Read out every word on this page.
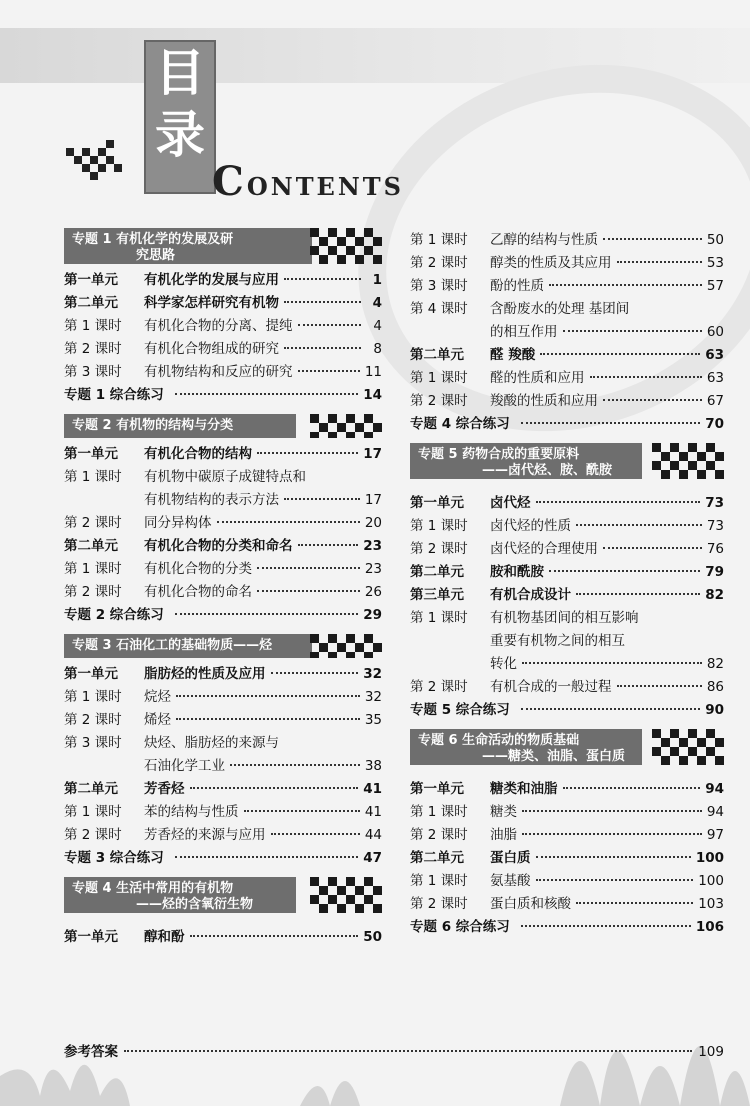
目
录
CONTENTS
专题 1 有机化学的发展及研
究思路
第一单元	有机化学的发展与应用	1
第二单元	科学家怎样研究有机物	4
第 1 课时	有机化合物的分离、提纯	4
第 2 课时	有机化合物组成的研究	8
第 3 课时	有机物结构和反应的研究	11
专题 1 综合练习	14
专题 2 有机物的结构与分类
第一单元	有机化合物的结构	17
第 1 课时	有机物中碳原子成键特点和
有机物结构的表示方法	17
第 2 课时	同分异构体	20
第二单元	有机化合物的分类和命名	23
第 1 课时	有机化合物的分类	23
第 2 课时	有机化合物的命名	26
专题 2 综合练习	29
专题 3 石油化工的基础物质——烃
第一单元	脂肪烃的性质及应用	32
第 1 课时	烷烃	32
第 2 课时	烯烃	35
第 3 课时	炔烃、脂肪烃的来源与
石油化学工业	38
第二单元	芳香烃	41
第 1 课时	苯的结构与性质	41
第 2 课时	芳香烃的来源与应用	44
专题 3 综合练习	47
专题 4 生活中常用的有机物
——烃的含氧衍生物
第一单元	醇和酚	50
第 1 课时	乙醇的结构与性质	50
第 2 课时	醇类的性质及其应用	53
第 3 课时	酚的性质	57
第 4 课时	含酚废水的处理 基团间
的相互作用	60
第二单元	醛 羧酸	63
第 1 课时	醛的性质和应用	63
第 2 课时	羧酸的性质和应用	67
专题 4 综合练习	70
专题 5 药物合成的重要原料
——卤代烃、胺、酰胺
第一单元	卤代烃	73
第 1 课时	卤代烃的性质	73
第 2 课时	卤代烃的合理使用	76
第二单元	胺和酰胺	79
第三单元	有机合成设计	82
第 1 课时	有机物基团间的相互影响
重要有机物之间的相互
转化	82
第 2 课时	有机合成的一般过程	86
专题 5 综合练习	90
专题 6 生命活动的物质基础
——糖类、油脂、蛋白质
第一单元	糖类和油脂	94
第 1 课时	糖类	94
第 2 课时	油脂	97
第二单元	蛋白质	100
第 1 课时	氨基酸	100
第 2 课时	蛋白质和核酸	103
专题 6 综合练习	106
参考答案	109
